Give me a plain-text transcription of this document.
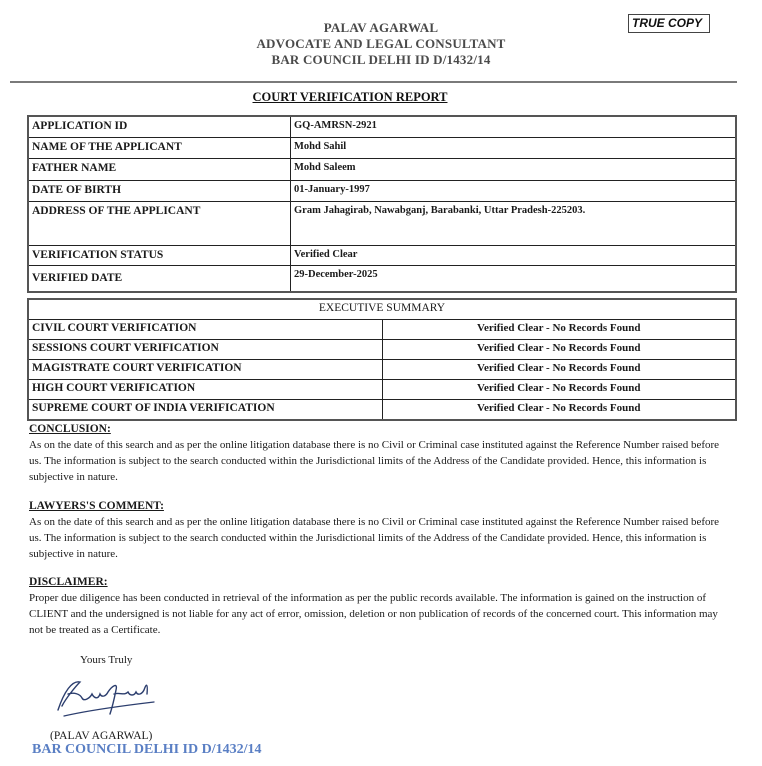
PALAV AGARWAL
ADVOCATE AND LEGAL CONSULTANT
BAR COUNCIL DELHI ID D/1432/14
TRUE COPY
COURT VERIFICATION REPORT
APPLICATION ID	GQ-AMRSN-2921
NAME OF THE APPLICANT	Mohd Sahil
FATHER NAME	Mohd Saleem
DATE OF BIRTH	01-January-1997
ADDRESS OF THE APPLICANT	Gram Jahagirab, Nawabganj, Barabanki, Uttar Pradesh-225203.
VERIFICATION STATUS	Verified Clear
VERIFIED DATE	29-December-2025
EXECUTIVE SUMMARY	
CIVIL COURT VERIFICATION	Verified Clear - No Records Found
SESSIONS COURT VERIFICATION	Verified Clear - No Records Found
MAGISTRATE COURT VERIFICATION	Verified Clear - No Records Found
HIGH COURT VERIFICATION	Verified Clear - No Records Found
SUPREME COURT OF INDIA VERIFICATION	Verified Clear - No Records Found
CONCLUSION:

As on the date of this search and as per the online litigation database there is no Civil or Criminal case instituted against the Reference Number raised before us. The information is subject to the search conducted within the Jurisdictional limits of the Address of the Candidate provided. Hence, this information is subjective in nature.

LAWYERS'S COMMENT:

As on the date of this search and as per the online litigation database there is no Civil or Criminal case instituted against the Reference Number raised before us. The information is subject to the search conducted within the Jurisdictional limits of the Address of the Candidate provided. Hence, this information is subjective in nature.

DISCLAIMER:

Proper due diligence has been conducted in retrieval of the information as per the public records available. The information is gained on the instruction of CLIENT and the undersigned is not liable for any act of error, omission, deletion or non publication of records of the concerned court. This information may not be treated as a Certificate.

Yours Truly
(PALAV AGARWAL)
BAR COUNCIL DELHI ID D/1432/14
